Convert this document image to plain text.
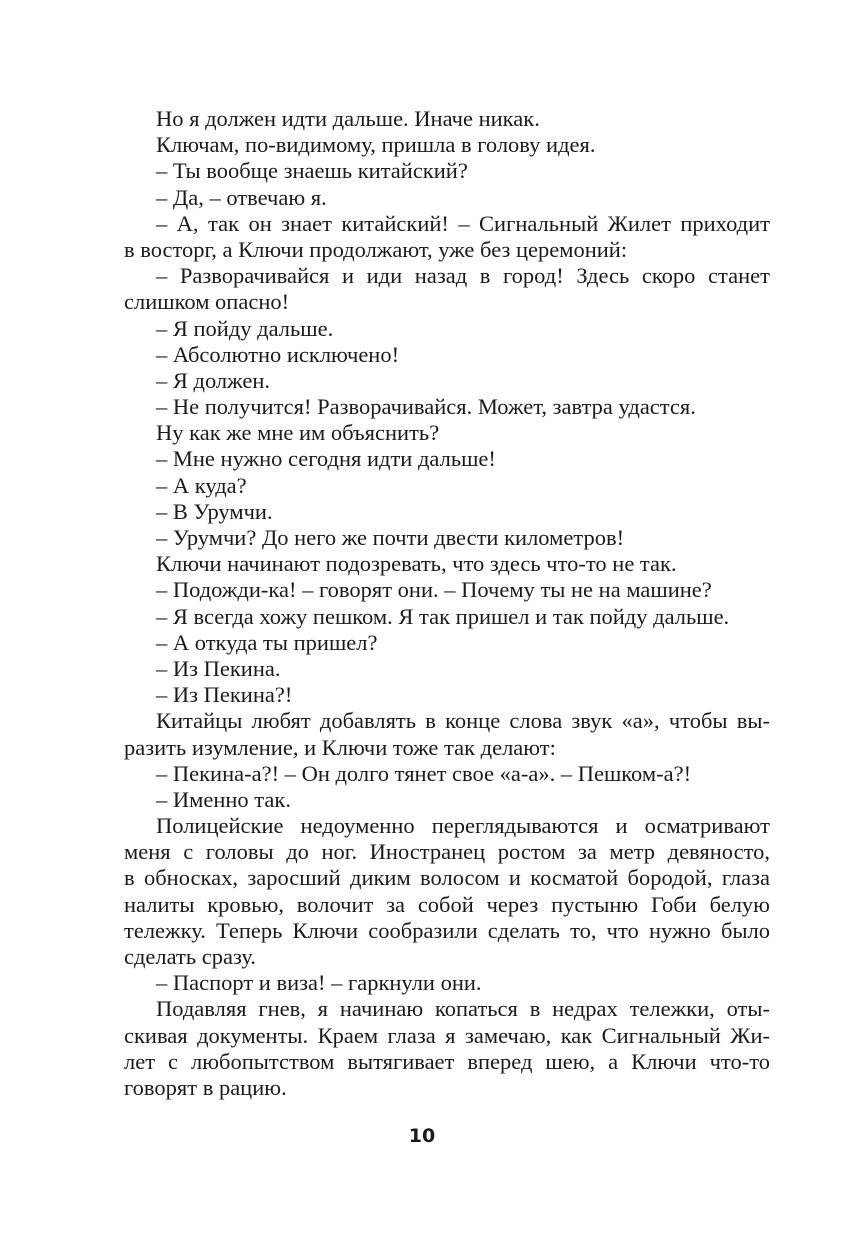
Но я должен идти дальше. Иначе никак.
Ключам, по-видимому, пришла в голову идея.
– Ты вообще знаешь китайский?
– Да, – отвечаю я.
– А, так он знает китайский! – Сигнальный Жилет приходит
в восторг, а Ключи продолжают, уже без церемоний:
– Разворачивайся и иди назад в город! Здесь скоро станет
слишком опасно!
– Я пойду дальше.
– Абсолютно исключено!
– Я должен.
– Не получится! Разворачивайся. Может, завтра удастся.
Ну как же мне им объяснить?
– Мне нужно сегодня идти дальше!
– А куда?
– В Урумчи.
– Урумчи? До него же почти двести километров!
Ключи начинают подозревать, что здесь что-то не так.
– Подожди-ка! – говорят они. – Почему ты не на машине?
– Я всегда хожу пешком. Я так пришел и так пойду дальше.
– А откуда ты пришел?
– Из Пекина.
– Из Пекина?!
Китайцы любят добавлять в конце слова звук «а», чтобы вы-
разить изумление, и Ключи тоже так делают:
– Пекина-а?! – Он долго тянет свое «а-а». – Пешком-а?!
– Именно так.
Полицейские недоуменно переглядываются и осматривают
меня с головы до ног. Иностранец ростом за метр девяносто,
в обносках, заросший диким волосом и косматой бородой, глаза
налиты кровью, волочит за собой через пустыню Гоби белую
тележку. Теперь Ключи сообразили сделать то, что нужно было
сделать сразу.
– Паспорт и виза! – гаркнули они.
Подавляя гнев, я начинаю копаться в недрах тележки, оты-
скивая документы. Краем глаза я замечаю, как Сигнальный Жи-
лет с любопытством вытягивает вперед шею, а Ключи что-то
говорят в рацию.
10
